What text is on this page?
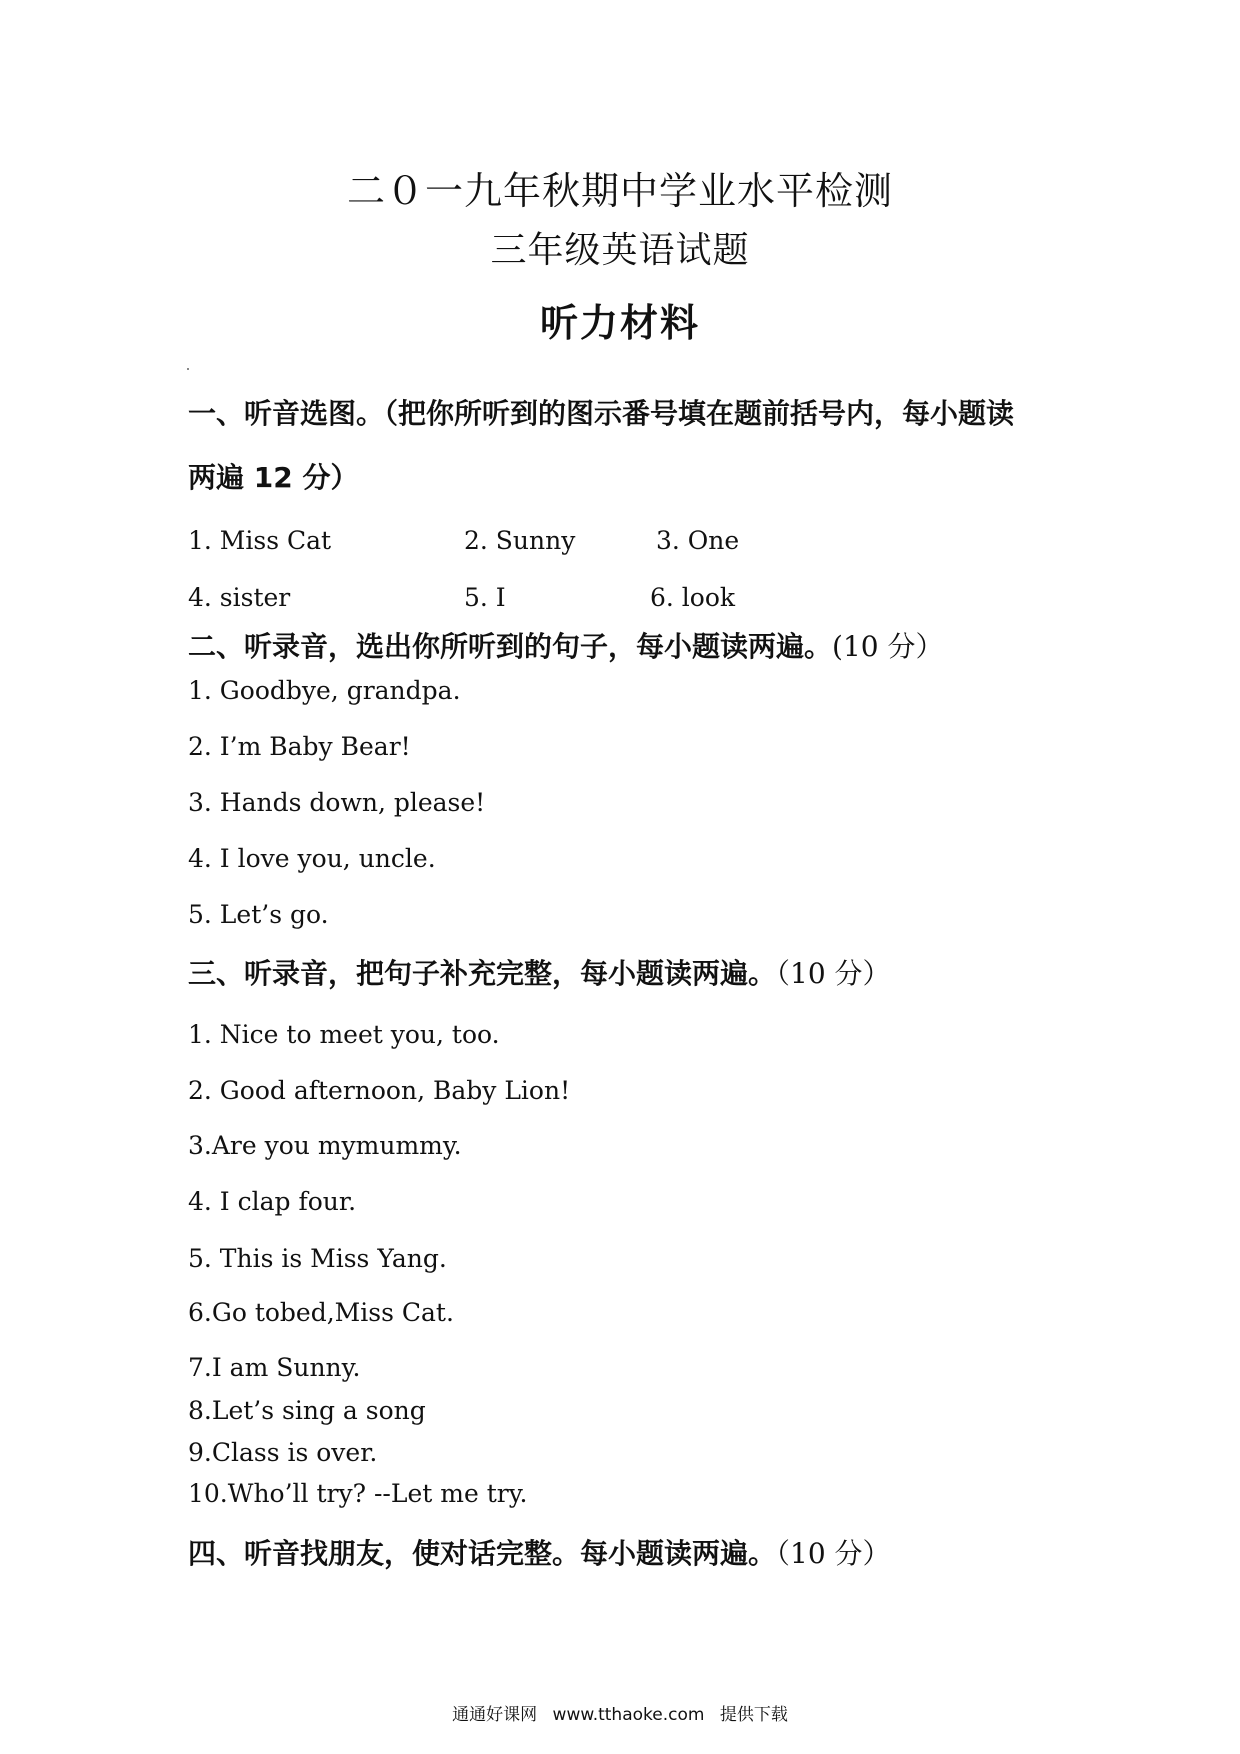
二０一九年秋期中学业水平检测
三年级英语试题
听力材料
一、听音选图。（把你所听到的图示番号填在题前括号内，每小题读
两遍 12 分）
1. Miss Cat	2. Sunny	3. One
4. sister	5. I	6. look
二、听录音，选出你所听到的句子，每小题读两遍。(10 分）
1. Goodbye, grandpa.
2. I’m Baby Bear!
3. Hands down, please!
4. I love you, uncle.
5. Let’s go.
三、听录音，把句子补充完整，每小题读两遍。（10 分）
1. Nice to meet you, too.
2. Good afternoon, Baby Lion!
3.Are you mymummy.
4. I clap four.
5. This is Miss Yang.
6.Go tobed,Miss Cat.
7.I am Sunny.
8.Let’s sing a song
9.Class is over.
10.Who’ll try? --Let me try.
四、听音找朋友，使对话完整。每小题读两遍。（10 分）
通通好课网 www.tthaoke.com 提供下载
